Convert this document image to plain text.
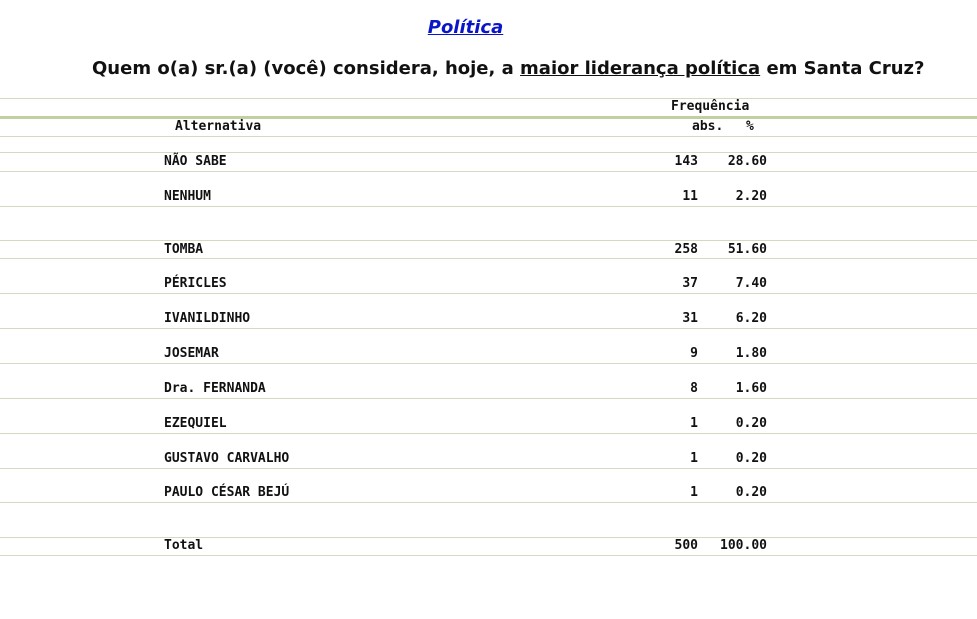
Política
Quem o(a) sr.(a) (você) considera, hoje, a maior liderança política em Santa Cruz?
Frequência
Alternativa	abs. %
NÃO SABE	143	28.60
NENHUM	11	2.20
TOMBA	258	51.60
PÉRICLES	37	7.40
IVANILDINHO	31	6.20
JOSEMAR	9	1.80
Dra. FERNANDA	8	1.60
EZEQUIEL	1	0.20
GUSTAVO CARVALHO	1	0.20
PAULO CÉSAR BEJÚ	1	0.20
Total	500	100.00
